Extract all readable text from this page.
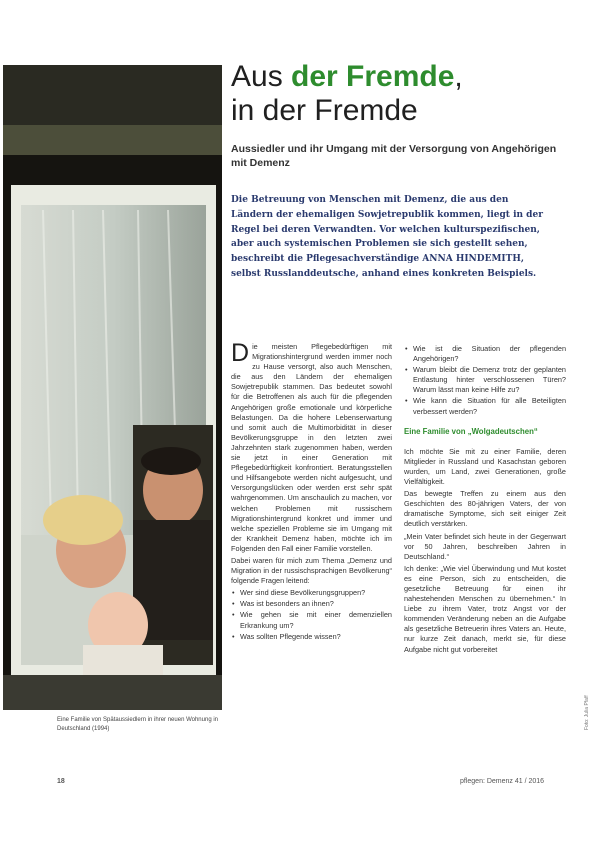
Aus der Fremde,
in der Fremde

Aussiedler und ihr Umgang mit der Versorgung von Angehörigen mit Demenz

Die Betreuung von Menschen mit Demenz, die aus den Ländern der ehemaligen Sowjetrepublik kommen, liegt in der Regel bei deren Verwandten. Vor welchen kulturspezifischen, aber auch systemischen Problemen sie sich gestellt sehen, beschreibt die Pflegesachverständige ANNA HINDEMITH, selbst Russlanddeutsche, anhand eines konkreten Beispiels.

Die meisten Pflegebedürftigen mit Migrationshintergrund werden immer noch zu Hause versorgt, also auch Menschen, die aus den Ländern der ehemaligen Sowjetrepublik stammen. Das bedeutet sowohl für die Betroffenen als auch für die pflegenden Angehörigen große emotionale und körperliche Belastungen. Da die hohere Lebenserwartung und somit auch die Multimorbidität in dieser Bevölkerungsgruppe in den letzten zwei Jahrzehnten stark zugenommen haben, werden sie jetzt in einer Generation mit Pflegebedürftigkeit konfrontiert. Beratungsstellen und Hilfsangebote werden nicht aufgesucht, und Versorgungslücken oder werden erst sehr spät wahrgenommen. Um anschaulich zu machen, vor welchen Problemen mit russischem Migrationshintergrund konkret und immer und welche speziellen Probleme sie im Umgang mit der Krankheit Demenz haben, möchte ich im Folgenden den Fall einer Familie vorstellen.

Dabei waren für mich zum Thema „Demenz und Migration in der russischsprachigen Bevölkerung“ folgende Fragen leitend:

• Wer sind diese Bevölkerungsgruppen?
• Was ist besonders an ihnen?
• Wie gehen sie mit einer demenziellen Erkrankung um?
• Was sollten Pflegende wissen?
• Wie ist die Situation der pflegenden Angehörigen?
• Warum bleibt die Demenz trotz der geplanten Entlastung hinter verschlossenen Türen? Warum lässt man keine Hilfe zu?
• Wie kann die Situation für alle Beteiligten verbessert werden?

Eine Familie von „Wolgadeutschen“

Ich möchte Sie mit zu einer Familie, deren Mitglieder in Russland und Kasachstan geboren wurden, um Land, zwei Generationen, große Vielfältigkeit.

Das bewegte Treffen zu einem aus den Geschichten des 80-jährigen Vaters, der von dramatische Symptome, sich seit einiger Zeit deutlich verstärken.

„Mein Vater befindet sich heute in der Gegenwart vor 50 Jahren, beschreiben Jahren in Deutschland.“

Ich denke: „Wie viel Überwindung und Mut kostet es eine Person, sich zu entscheiden, die gesetzliche Betreuung für einen ihr nahestehenden Menschen zu übernehmen.“ In Liebe zu ihrem Vater, trotz Angst vor der kommenden Veränderung neben an die Aufgabe als gesetzliche Betreuerin ihres Vaters an. Heute, nur kurze Zeit danach, merkt sie, für diese Aufgabe nicht gut vorbereitet

Eine Familie von Spätaussiedlern in ihrer neuen Wohnung in Deutschland (1994)	Foto: Julia Pfaff
18	pflegen: Demenz 41 / 2016
